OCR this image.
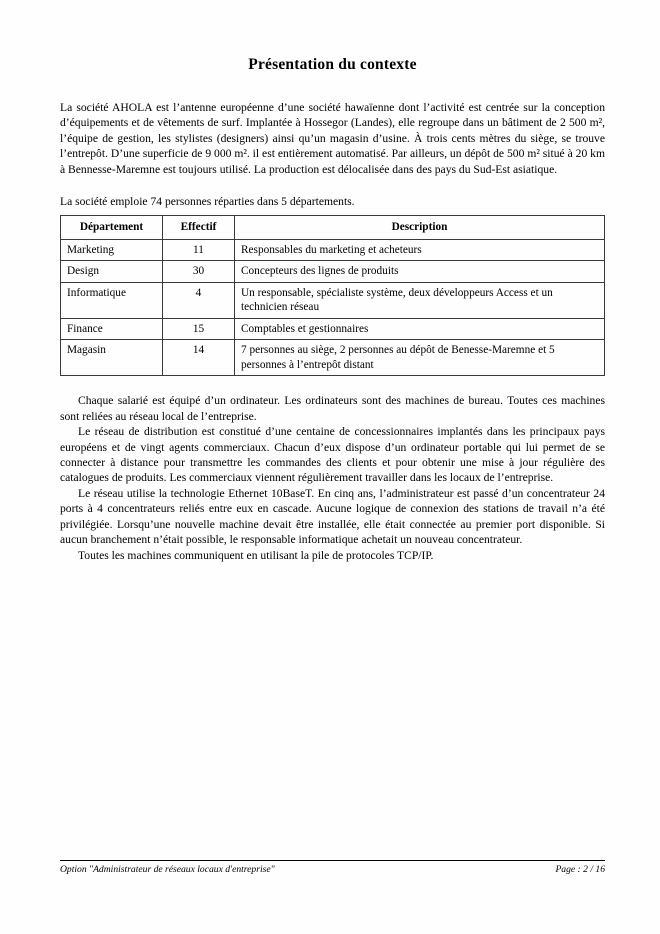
Présentation du contexte

La société AHOLA est l’antenne européenne d’une société hawaïenne dont l’activité est centrée sur la conception d’équipements et de vêtements de surf. Implantée à Hossegor (Landes), elle regroupe dans un bâtiment de 2 500 m², l’équipe de gestion, les stylistes (designers) ainsi qu’un magasin d’usine. À trois cents mètres du siège, se trouve l’entrepôt. D’une superficie de 9 000 m². il est entièrement automatisé. Par ailleurs, un dépôt de 500 m² situé à 20 km à Bennesse-Maremne est toujours utilisé. La production est délocalisée dans des pays du Sud-Est asiatique.

La société emploie 74 personnes réparties dans 5 départements.

Département	Effectif	Description
Marketing	11	Responsables du marketing et acheteurs
Design	30	Concepteurs des lignes de produits
Informatique	4	Un responsable, spécialiste système, deux développeurs Access et un technicien réseau
Finance	15	Comptables et gestionnaires
Magasin	14	7 personnes au siège, 2 personnes au dépôt de Benesse-Maremne et 5 personnes à l’entrepôt distant

Chaque salarié est équipé d’un ordinateur. Les ordinateurs sont des machines de bureau. Toutes ces machines sont reliées au réseau local de l’entreprise.

Le réseau de distribution est constitué d’une centaine de concessionnaires implantés dans les principaux pays européens et de vingt agents commerciaux. Chacun d’eux dispose d’un ordinateur portable qui lui permet de se connecter à distance pour transmettre les commandes des clients et pour obtenir une mise à jour régulière des catalogues de produits. Les commerciaux viennent régulièrement travailler dans les locaux de l’entreprise.

Le réseau utilise la technologie Ethernet 10BaseT. En cinq ans, l’administrateur est passé d’un concentrateur 24 ports à 4 concentrateurs reliés entre eux en cascade. Aucune logique de connexion des stations de travail n’a été privilégiée. Lorsqu’une nouvelle machine devait être installée, elle était connectée au premier port disponible. Si aucun branchement n’était possible, le responsable informatique achetait un nouveau concentrateur.

Toutes les machines communiquent en utilisant la pile de protocoles TCP/IP.

Option "Administrateur de réseaux locaux d'entreprise"	Page : 2 / 16
